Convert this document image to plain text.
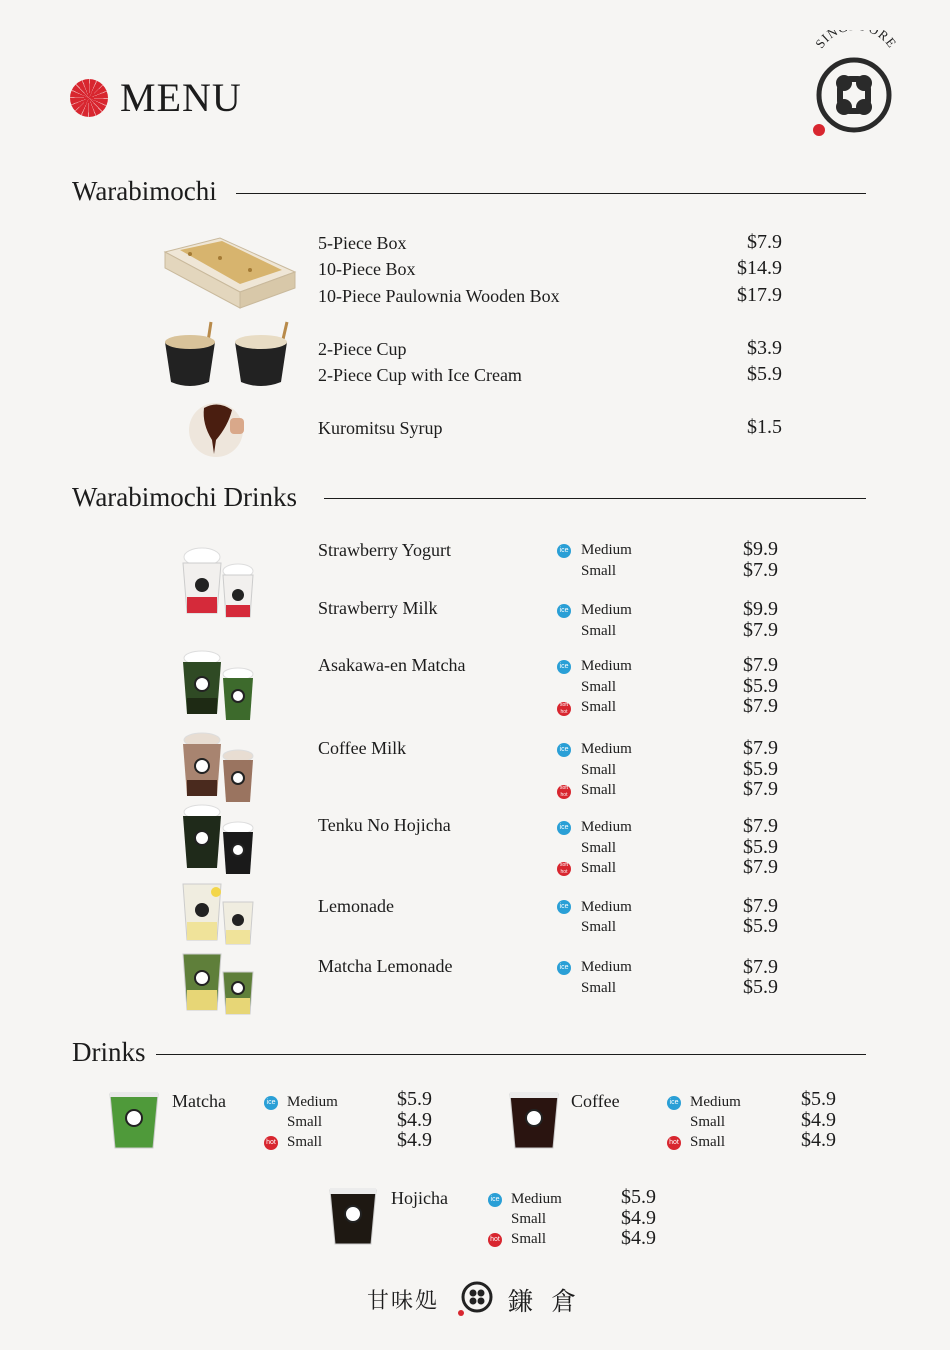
MENU
SIN RE
Warabimochi
5-Piece Box	$7.9
10-Piece Box	$14.9
10-Piece Paulownia Wooden Box	$17.9
2-Piece Cup	$3.9
2-Piece Cup with Ice Cream	$5.9
Kuromitsu Syrup	$1.5
Warabimochi Drinks
Strawberry Yogurt	ice Medium	$9.9
Small	$7.9
Strawberry Milk	ice Medium	$9.9
Small	$7.9
Asakawa-en Matcha	ice Medium	$7.9
Small	$5.9
soft hot Small	$7.9
Coffee Milk	ice Medium	$7.9
Small	$5.9
soft hot Small	$7.9
Tenku No Hojicha	ice Medium	$7.9
Small	$5.9
soft hot Small	$7.9
Lemonade	ice Medium	$7.9
Small	$5.9
Matcha Lemonade	ice Medium	$7.9
Small	$5.9
Drinks
Matcha	ice Medium	$5.9
Small	$4.9
hot Small	$4.9
Coffee	ice Medium	$5.9
Small	$4.9
hot Small	$4.9
Hojicha	ice Medium	$5.9
Small	$4.9
hot Small	$4.9
甘味処	鎌 倉
